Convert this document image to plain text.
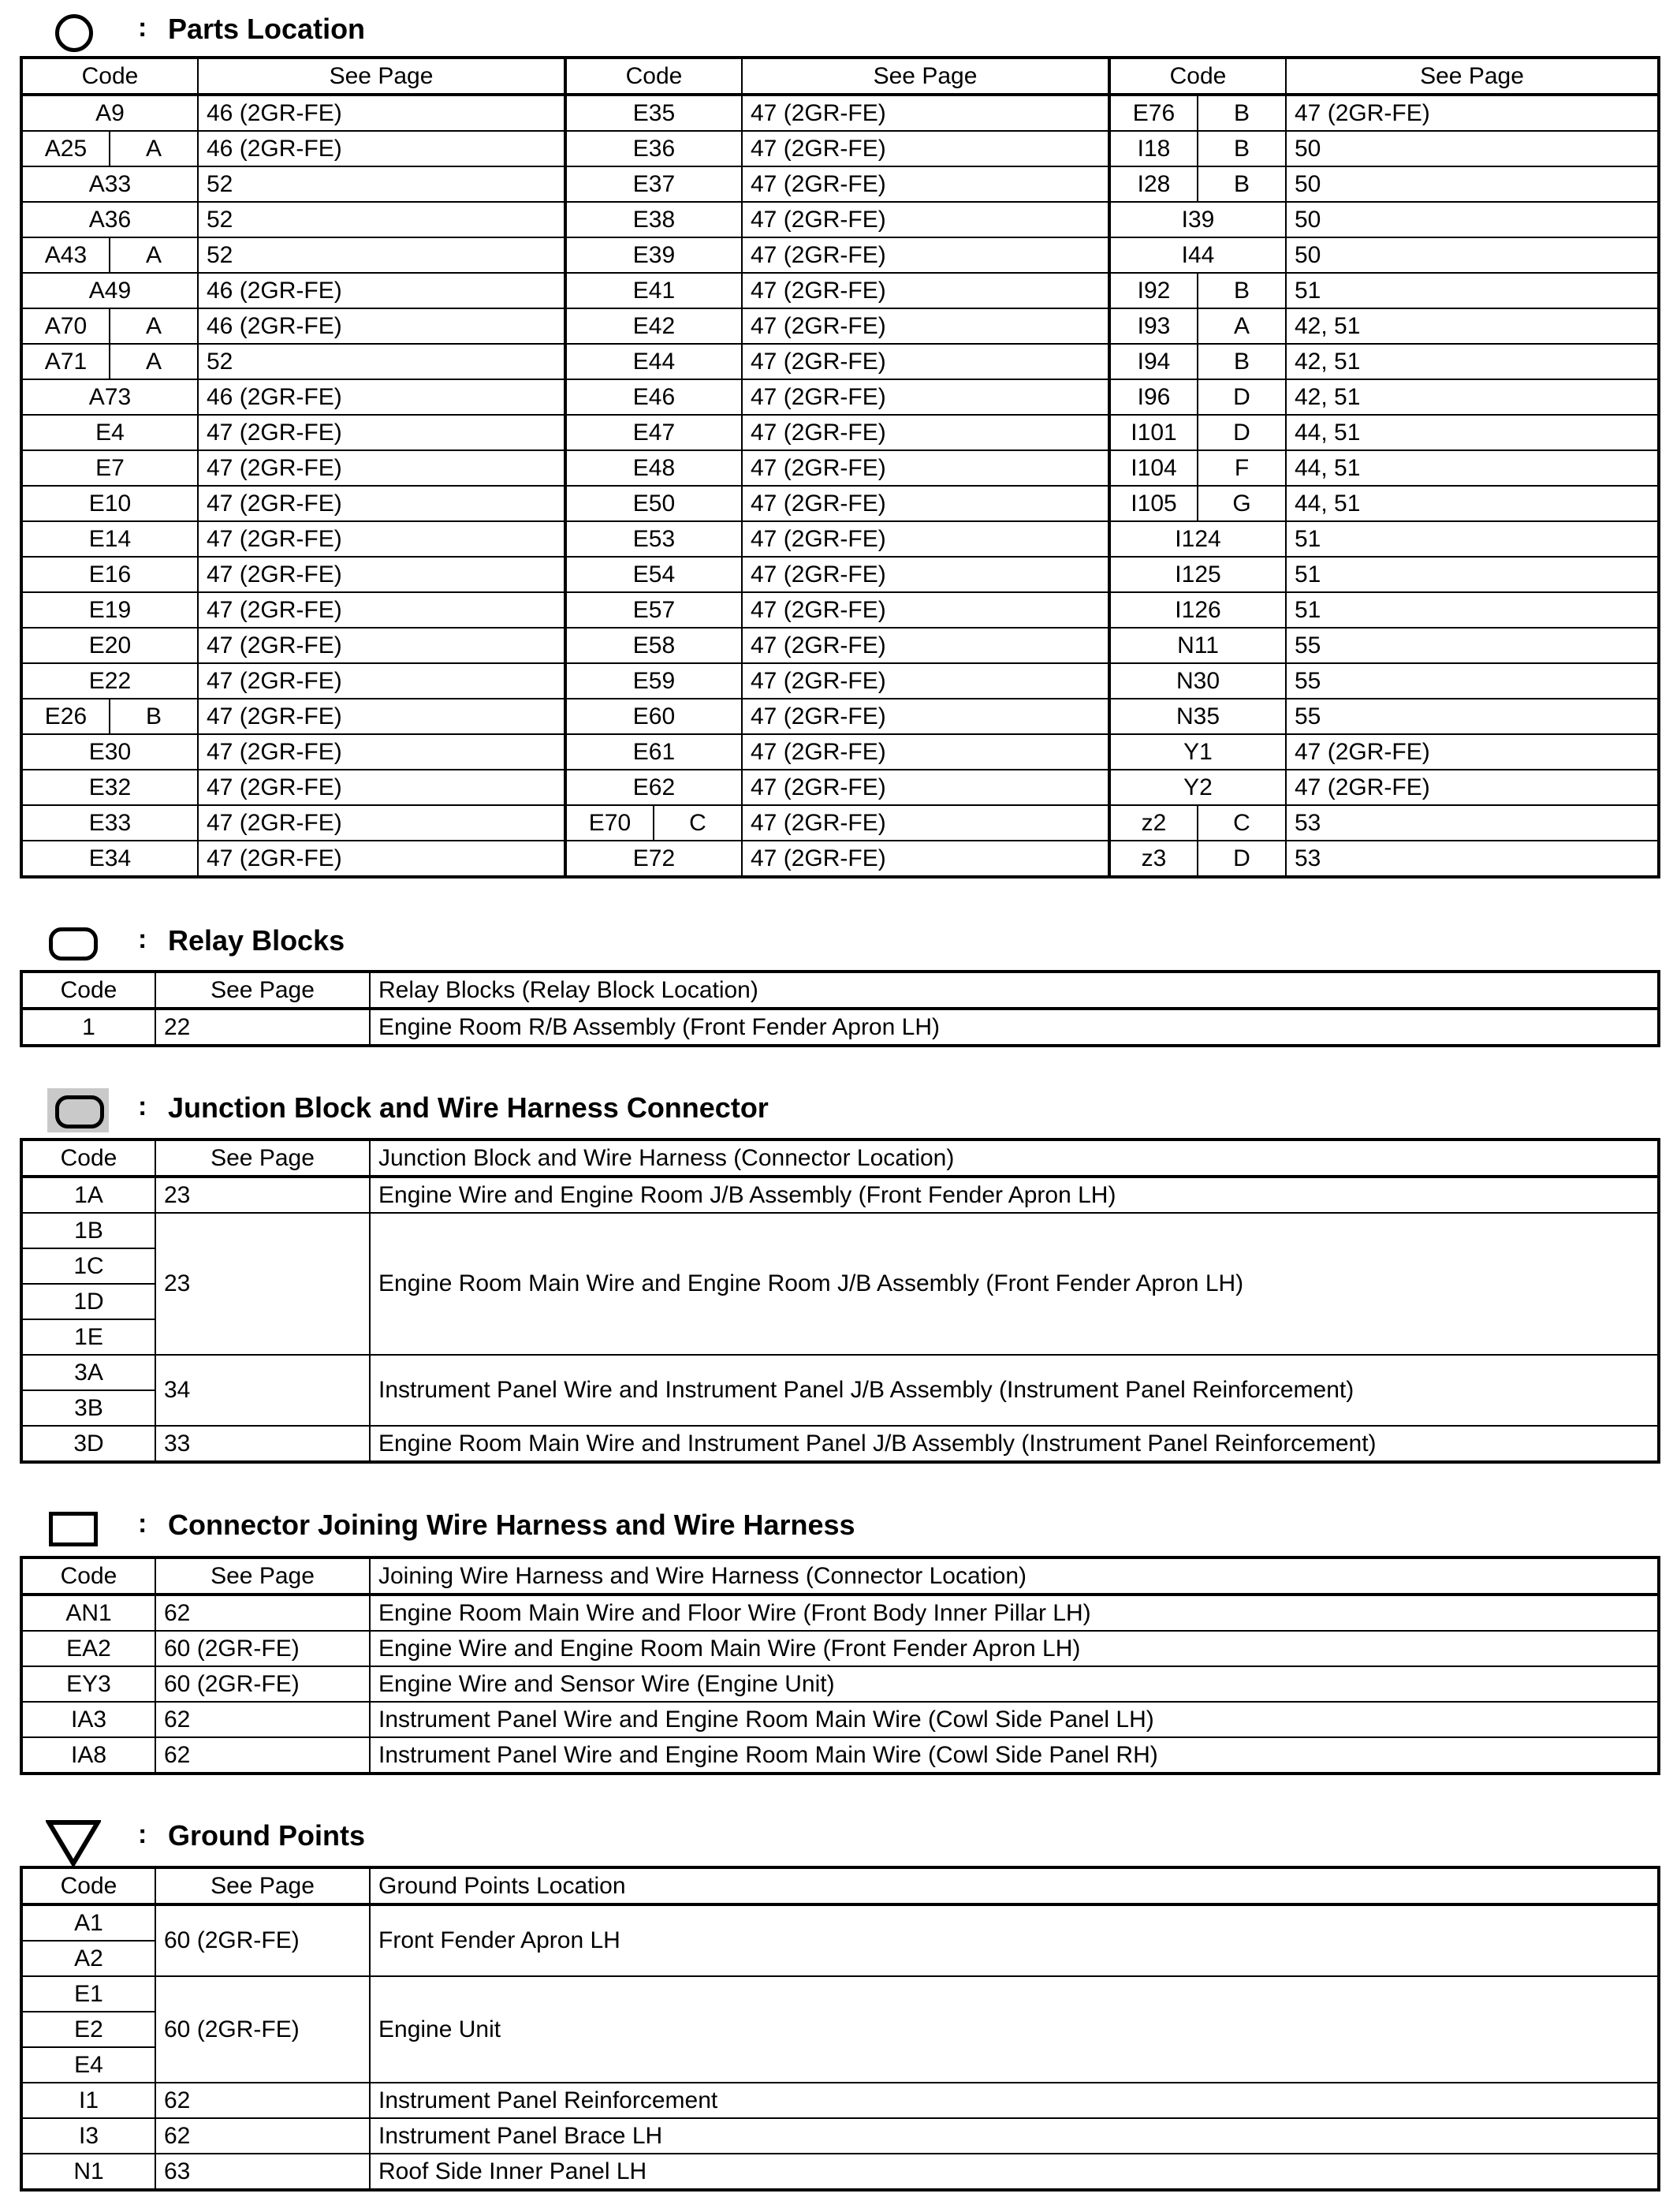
: Parts Location
Code		See Page	Code		See Page	Code		See Page
A9		46 (2GR-FE)	E35		47 (2GR-FE)	E76	B	47 (2GR-FE)
A25	A	46 (2GR-FE)	E36		47 (2GR-FE)	I18	B	50
A33		52	E37		47 (2GR-FE)	I28	B	50
A36		52	E38		47 (2GR-FE)	I39		50
A43	A	52	E39		47 (2GR-FE)	I44		50
A49		46 (2GR-FE)	E41		47 (2GR-FE)	I92	B	51
A70	A	46 (2GR-FE)	E42		47 (2GR-FE)	I93	A	42, 51
A71	A	52	E44		47 (2GR-FE)	I94	B	42, 51
A73		46 (2GR-FE)	E46		47 (2GR-FE)	I96	D	42, 51
E4		47 (2GR-FE)	E47		47 (2GR-FE)	I101	D	44, 51
E7		47 (2GR-FE)	E48		47 (2GR-FE)	I104	F	44, 51
E10		47 (2GR-FE)	E50		47 (2GR-FE)	I105	G	44, 51
E14		47 (2GR-FE)	E53		47 (2GR-FE)	I124		51
E16		47 (2GR-FE)	E54		47 (2GR-FE)	I125		51
E19		47 (2GR-FE)	E57		47 (2GR-FE)	I126		51
E20		47 (2GR-FE)	E58		47 (2GR-FE)	N11		55
E22		47 (2GR-FE)	E59		47 (2GR-FE)	N30		55
E26	B	47 (2GR-FE)	E60		47 (2GR-FE)	N35		55
E30		47 (2GR-FE)	E61		47 (2GR-FE)	Y1		47 (2GR-FE)
E32		47 (2GR-FE)	E62		47 (2GR-FE)	Y2		47 (2GR-FE)
E33		47 (2GR-FE)	E70	C	47 (2GR-FE)	z2	C	53
E34		47 (2GR-FE)	E72		47 (2GR-FE)	z3	D	53
: Relay Blocks
Code	See Page	Relay Blocks (Relay Block Location)
1	22	Engine Room R/B Assembly (Front Fender Apron LH)
: Junction Block and Wire Harness Connector
Code	See Page	Junction Block and Wire Harness (Connector Location)
1A	23	Engine Wire and Engine Room J/B Assembly (Front Fender Apron LH)
1B	23	Engine Room Main Wire and Engine Room J/B Assembly (Front Fender Apron LH)
1C		
1D		
1E		
3A	34	Instrument Panel Wire and Instrument Panel J/B Assembly (Instrument Panel Reinforcement)
3B		
3D	33	Engine Room Main Wire and Instrument Panel J/B Assembly (Instrument Panel Reinforcement)
: Connector Joining Wire Harness and Wire Harness
Code	See Page	Joining Wire Harness and Wire Harness (Connector Location)
AN1	62	Engine Room Main Wire and Floor Wire (Front Body Inner Pillar LH)
EA2	60 (2GR-FE)	Engine Wire and Engine Room Main Wire (Front Fender Apron LH)
EY3	60 (2GR-FE)	Engine Wire and Sensor Wire (Engine Unit)
IA3	62	Instrument Panel Wire and Engine Room Main Wire (Cowl Side Panel LH)
IA8	62	Instrument Panel Wire and Engine Room Main Wire (Cowl Side Panel RH)
: Ground Points
Code	See Page	Ground Points Location
A1	60 (2GR-FE)	Front Fender Apron LH
A2		
E1	60 (2GR-FE)	Engine Unit
E2		
E4		
I1	62	Instrument Panel Reinforcement
I3	62	Instrument Panel Brace LH
N1	63	Roof Side Inner Panel LH
